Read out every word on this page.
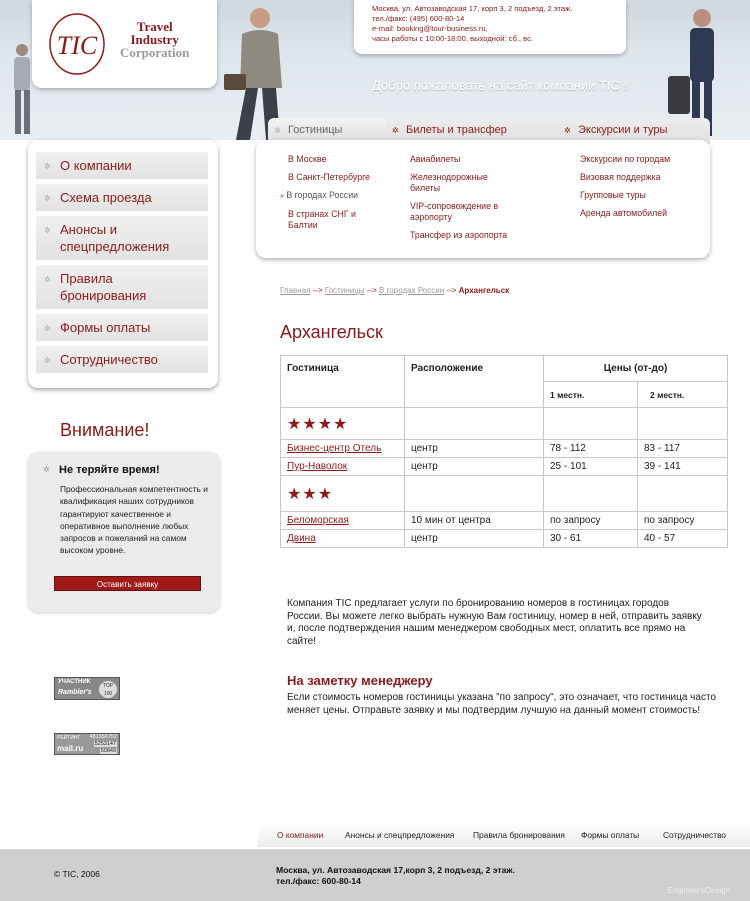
TIC
Travel
Industry
Corporation
Москва, ул. Автозаводская 17, корп 3, 2 подъезд, 2 этаж.
тел./факс: (495) 600-80-14
e-mail: booking@tour-business.ru,
часы работы с 10:00-18:00, выходной: сб., вс.
Добро пожаловать на сайт компании TIC !
✲ Гостиницы	✲ Билеты и трансфер	✲ Экскурсии и туры
В Москве
В Санкт-Петербурге
» В городах России
В странах СНГ и Балтии
Авиабилеты
Железнодорожные билеты
VIP-сопровождение в аэропорту
Трансфер из аэропорта
Экскурсии по городам
Визовая поддержка
Групповые туры
Аренда автомобилей
✲ О компании
✲ Схема проезда
✲ Анонсы и спецпредложения
✲ Правила бронирования
✲ Формы оплаты
✲ Сотрудничество
Внимание!
✲ Не теряйте время!
Профессиональная компетентность и квалификация наших сотрудников гарантируют качественное и оперативное выполнение любых запросов и пожеланий на самом высоком уровне.
Оставить заявку
УЧАСТНИК
Rambler's
TOP 100
РЕЙТИНГ
mail.ru
481356752
5253147
50849
Главная --> Гостиницы --> В городах России --> Архангельск
Архангельск
Гостиница	Расположение	Цены (от-до)	
		1 местн.	2 местн.
★★★★			
Бизнес-центр Отель	центр	78 - 112	83 - 117
Пур-Наволок	центр	25 - 101	39 - 141
★★★			
Беломорская	10 мин от центра	по запросу	по запросу
Двина	центр	30 - 61	40 - 57
Компания TIC предлагает услуги по бронированию номеров в гостиницах городов России. Вы можете легко выбрать нужную Вам гостиницу, номер в ней, отправить заявку и, после подтверждения нашим менеджером свободных мест, оплатить все прямо на сайте!
На заметку менеджеру
Если стоимость номеров гостиницы указана "по запросу", это означает, что гостиница часто меняет цены. Отправьте заявку и мы подтвердим лучшую на данный момент стоимость!
О компании	Анонсы и спецпредложения Правила бронирования Формы оплаты	Сотрудничество
© TIC, 2006	Москва, ул. Автозаводская 17,корп 3, 2 подъезд, 2 этаж.
тел./факс: 600-80-14
Engineer'sDesign
